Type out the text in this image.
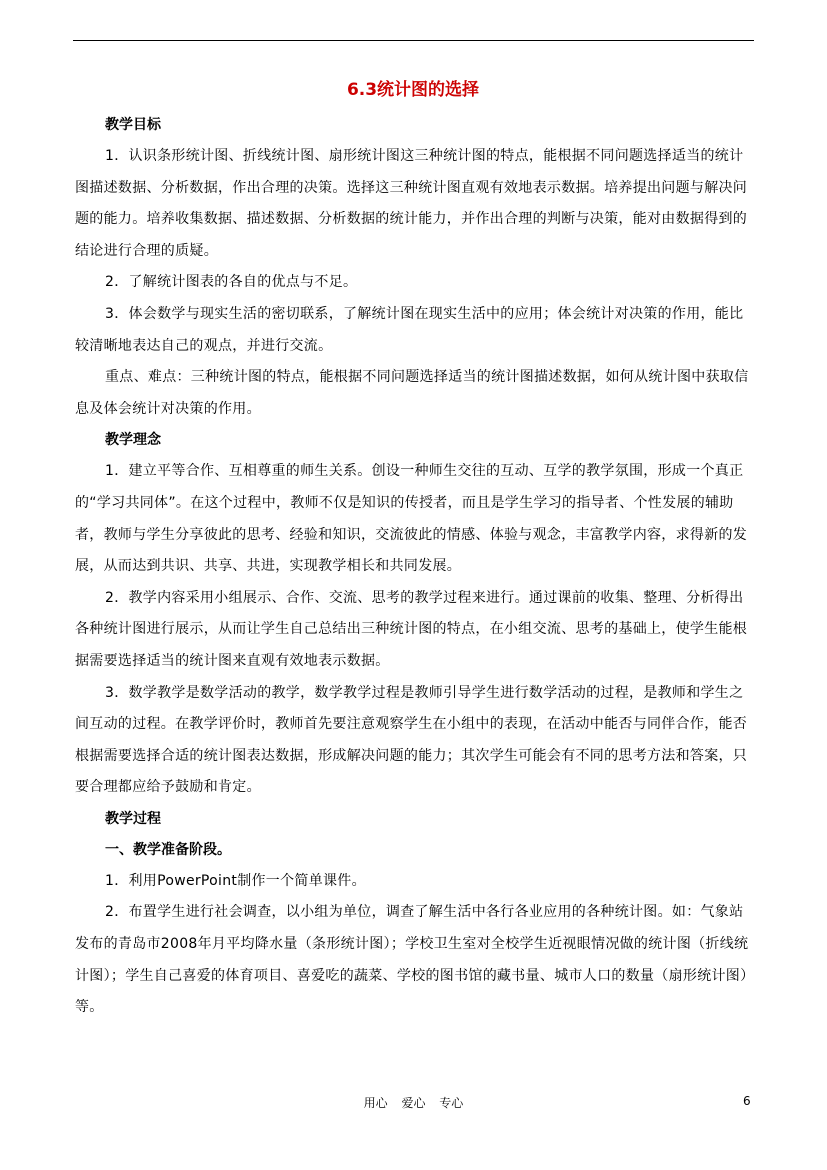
6.3统计图的选择
教学目标

1．认识条形统计图、折线统计图、扇形统计图这三种统计图的特点，能根据不同问题选择适当的统计图描述数据、分析数据，作出合理的决策。选择这三种统计图直观有效地表示数据。培养提出问题与解决问题的能力。培养收集数据、描述数据、分析数据的统计能力，并作出合理的判断与决策，能对由数据得到的结论进行合理的质疑。

2．了解统计图表的各自的优点与不足。

3．体会数学与现实生活的密切联系，了解统计图在现实生活中的应用；体会统计对决策的作用，能比较清晰地表达自己的观点，并进行交流。

重点、难点：三种统计图的特点，能根据不同问题选择适当的统计图描述数据，如何从统计图中获取信息及体会统计对决策的作用。

教学理念

1．建立平等合作、互相尊重的师生关系。创设一种师生交往的互动、互学的教学氛围，形成一个真正的“学习共同体”。在这个过程中，教师不仅是知识的传授者，而且是学生学习的指导者、个性发展的辅助者，教师与学生分享彼此的思考、经验和知识，交流彼此的情感、体验与观念，丰富教学内容，求得新的发展，从而达到共识、共享、共进，实现教学相长和共同发展。

2．教学内容采用小组展示、合作、交流、思考的教学过程来进行。通过课前的收集、整理、分析得出各种统计图进行展示，从而让学生自己总结出三种统计图的特点，在小组交流、思考的基础上，使学生能根据需要选择适当的统计图来直观有效地表示数据。

3．数学教学是数学活动的教学，数学教学过程是教师引导学生进行数学活动的过程，是教师和学生之间互动的过程。在教学评价时，教师首先要注意观察学生在小组中的表现，在活动中能否与同伴合作，能否根据需要选择合适的统计图表达数据，形成解决问题的能力；其次学生可能会有不同的思考方法和答案，只要合理都应给予鼓励和肯定。

教学过程
一、教学准备阶段。

1．利用PowerPoint制作一个简单课件。

2．布置学生进行社会调查，以小组为单位，调查了解生活中各行各业应用的各种统计图。如：气象站发布的青岛市2008年月平均降水量（条形统计图）；学校卫生室对全校学生近视眼情况做的统计图（折线统计图）；学生自己喜爱的体育项目、喜爱吃的蔬菜、学校的图书馆的藏书量、城市人口的数量（扇形统计图）等。

用心 爱心 专心	6
